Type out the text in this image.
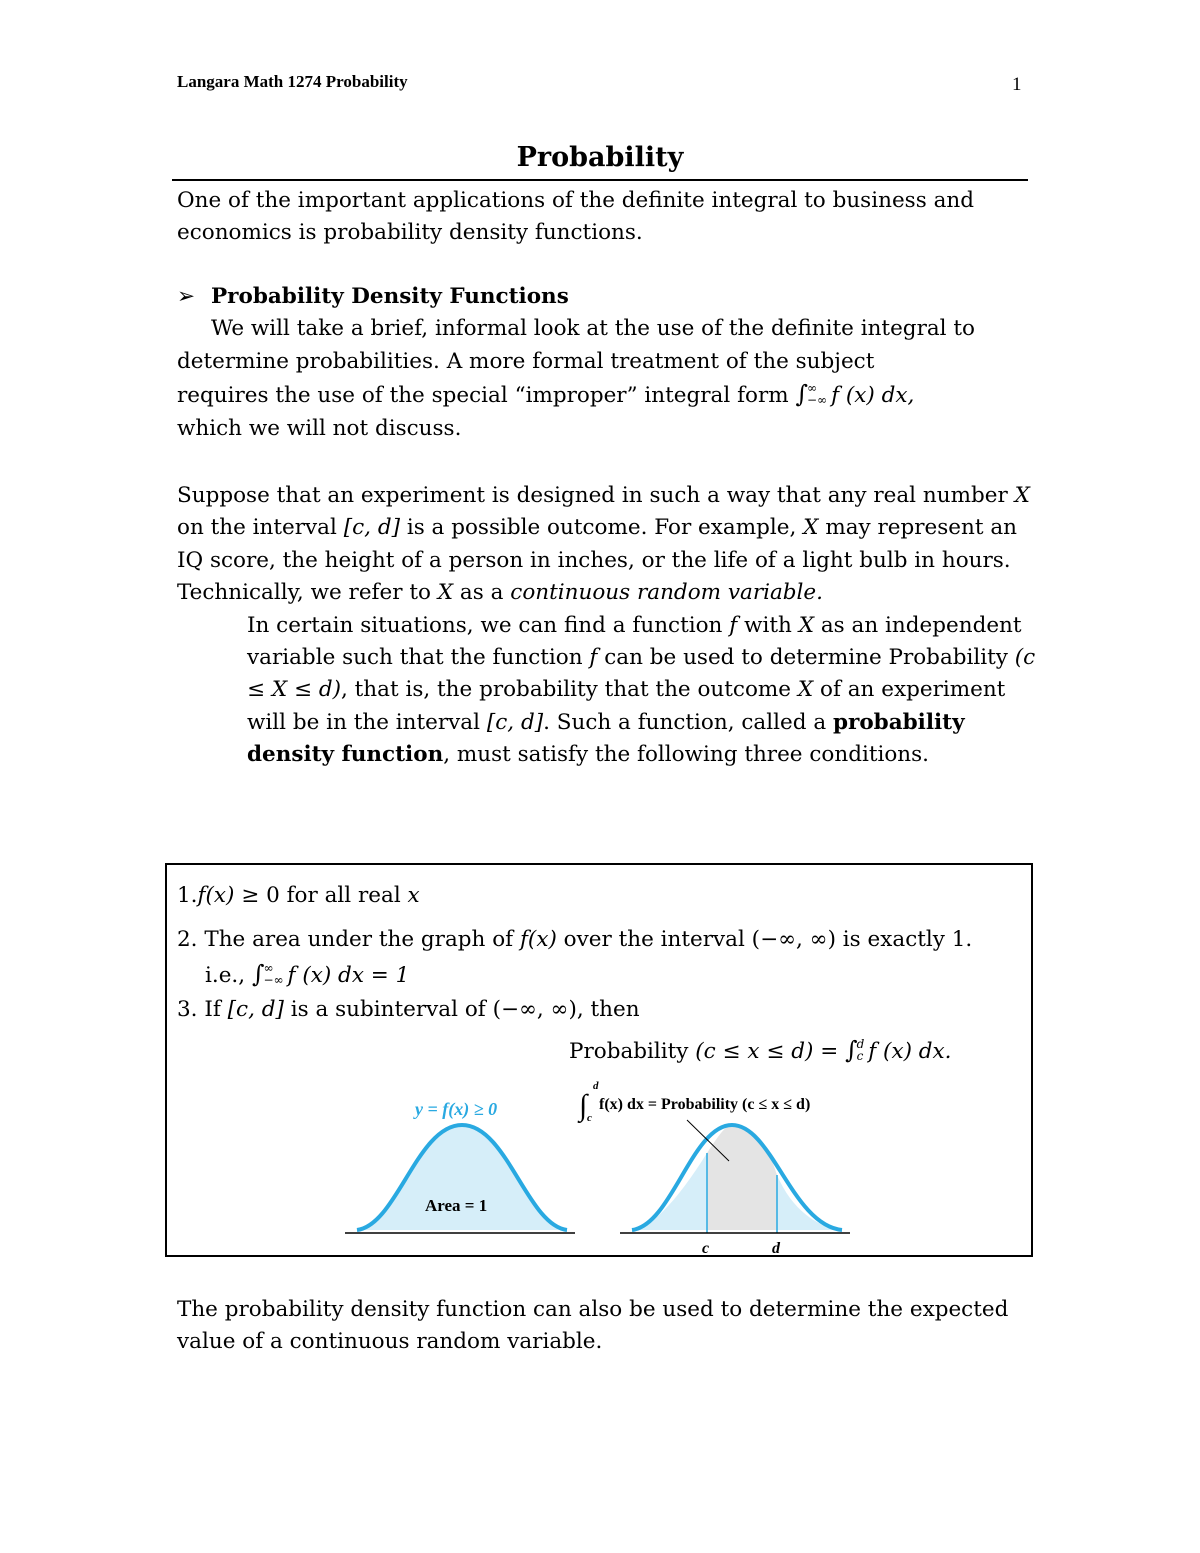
Langara Math 1274 Probability	1
Probability

One of the important applications of the definite integral to business and economics is probability density functions.

➢ Probability Density Functions

We will take a brief, informal look at the use of the definite integral to

determine probabilities. A more formal treatment of the subject

requires the use of the special “improper” integral form ∫ ∞
−∞ f (x) dx,

which we will not discuss.

Suppose that an experiment is designed in such a way that any real number X on the interval [c, d] is a possible outcome. For example, X may represent an IQ score, the height of a person in inches, or the life of a light bulb in hours. Technically, we refer to X as a continuous random variable.

In certain situations, we can find a function f with X as an independent variable such that the function f can be used to determine Probability (c ≤ X ≤ d), that is, the probability that the outcome X of an experiment will be in the interval [c, d]. Such a function, called a probability density function, must satisfy the following three conditions.

1.f(x) ≥ 0 for all real x
2. The area under the graph of f(x) over the interval (−∞, ∞) is exactly 1.
i.e., ∫ ∞
−∞ f (x) dx = 1
3. If [c, d] is a subinterval of (−∞, ∞), then
Probability (c ≤ x ≤ d) = ∫ d
c f (x) dx.
y = f(x) ≥ 0
Area = 1
c	d
∫
d
c
f(x) dx = Probability (c ≤ x ≤ d)

The probability density function can also be used to determine the expected value of a continuous random variable.
